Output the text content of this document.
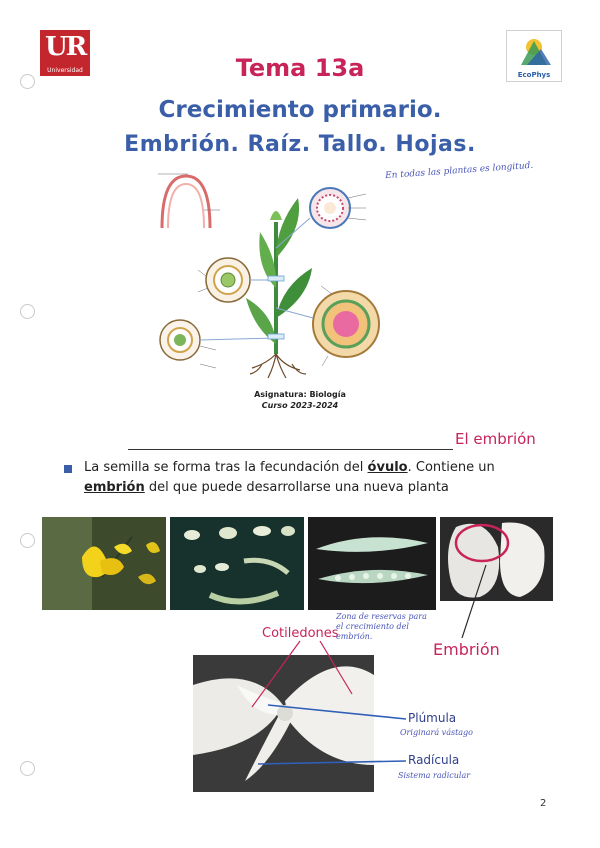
UR
Universidad
EcoPhys
Tema 13a
Crecimiento primario.
Embrión. Raíz. Tallo. Hojas.
En todas las plantas es longitud.
Asignatura: Biología
Curso 2023-2024
El embrión
La semilla se forma tras la fecundación del óvulo. Contiene un
embrión del que puede desarrollarse una nueva planta
Cotiledones
Zona de reservas para el crecimiento del embrión.
Embrión
Plúmula
Originará vástago
Radícula
Sistema radicular
2
